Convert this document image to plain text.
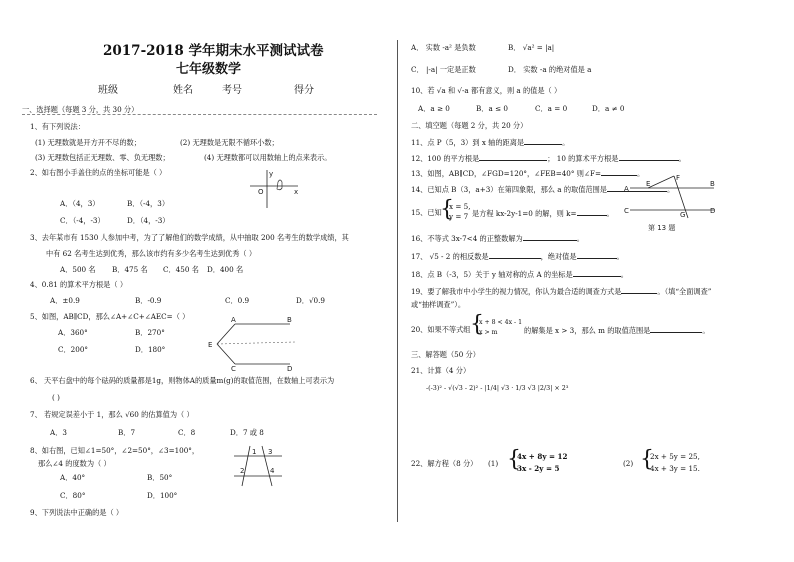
2017-2018 学年期末水平测试试卷
七年级数学
班级	姓名	考号	得分
一、选择题（每题 3 分，共 30 分）
1、有下列说法：
(1) 无理数就是开方开不尽的数；	(2) 无理数是无限不循环小数；
(3) 无理数包括正无理数、零、负无理数；	(4) 无理数都可以用数轴上的点来表示。
2、如右图小手盖住的点的坐标可能是（ ）
O	x
y
A．（4，3）	B．（-4，3）
C．（-4，-3）	D．（4，-3）
3、去年某市有 1530 人参加中考，为了了解他们的数学成绩，从中抽取 200 名考生的数学成绩，其
中有 62 名考生达到优秀，那么该市约有多少名考生达到优秀（ ）
A．500 名 B．475 名 C．450 名 D．400 名
4、0.81 的算术平方根是（ ）
A．±0.9	B．-0.9	C．0.9	D．√0.9
5、如图，AB∥CD，那么∠A+∠C+∠AEC=（ ）
A．360°	B．270°
C．200°	D．180°
A	B
E
C	D
6、 天平右盘中的每个砝码的质量都是1g，则物体A的质量m(g)的取值范围，在数轴上可表示为
( )
7、 若规定误差小于 1，那么 √60 的估算值为（ ）
A．3	B．7	C．8	D．7 或 8
8、如右图，已知∠1=50°，∠2=50°，∠3=100°，
那么∠4 的度数为（ ）
A．40°	B．50°
C．80°	D．100°
1
2
3
4
9、下列说法中正确的是（ ）
A． 实数 -a² 是负数	B． √a² = |a|
C． |-a| 一定是正数	D． 实数 -a 的绝对值是 a
10、若 √a 和 √-a 都有意义，则 a 的值是（ ）
A．a ≥ 0	B．a ≤ 0	C．a = 0	D．a ≠ 0
二、填空题（每题 2 分，共 20 分）
11、点 P（5，3）到 x 轴的距离是	。
12、100 的平方根是	； 10 的算术平方根是	。
13、如图，AB∥CD，∠FGD=120°，∠FEB=40° 则∠F=	。
A
F
E	B
C	G	D
第 13 题
14、已知点 B（3，a+3）在第四象限，那么 a 的取值范围是	。
15、已知
{
x = 5,
y = 7 是方程 kx-2y-1=0 的解，则 k=	。
16、不等式 3x-7<4 的正整数解为	。
17、 √5 - 2 的相反数是	，绝对值是	。
18、点 B（-3，5）关于 y 轴对称的点 A 的坐标是	。
19、要了解我市中小学生的视力情况，你认为最合适的调查方式是	。（填“全面调查”
或“抽样调查”）。
20、如果不等式组 {
x + 8 < 4x - 1
x > m	的解集是 x > 3，那么 m 的取值范围是	。
三、解答题（50 分）
21、计算（4 分）
-(-3)² - √(√3 - 2)² - |1/4| √3 · 1/3 √3 |2/3| × 2³
22、解方程（8 分） (1) {
4x + 8y = 12
3x - 2y = 5
(2) {
2x + 5y = 25,
4x + 3y = 15.
